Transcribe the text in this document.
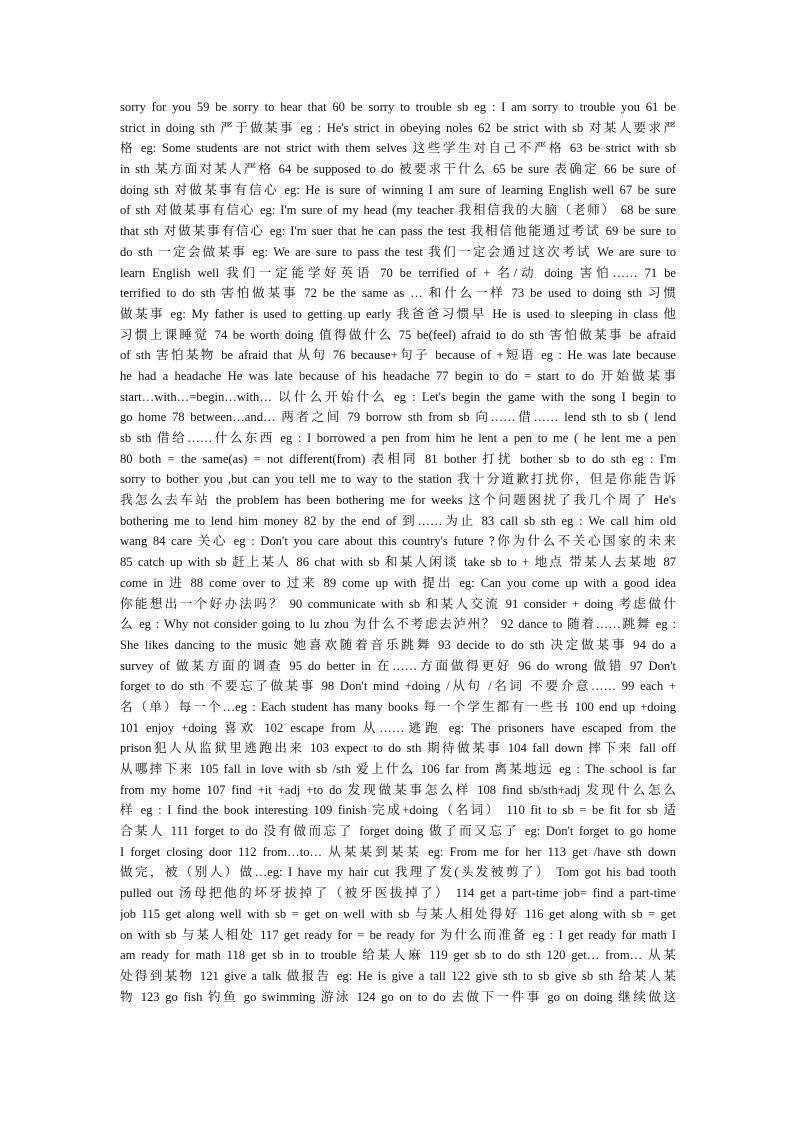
sorry for you 59 be sorry to hear that 60 be sorry to trouble sb eg : I am sorry to trouble you 61 be
strict in doing sth 严于做某事 eg : He's strict in obeying noles 62 be strict with sb 对某人要求严
格 eg: Some students are not strict with them selves 这些学生对自己不严格 63 be strict with sb
in sth 某方面对某人严格 64 be supposed to do 被要求干什么 65 be sure 表确定 66 be sure of
doing sth 对做某事有信心 eg: He is sure of winning I am sure of learning English well 67 be sure
of sth 对做某事有信心 eg: I'm sure of my head (my teacher 我相信我的大脑（老师） 68 be sure
that sth 对做某事有信心 eg: I'm suer that he can pass the test 我相信他能通过考试 69 be sure to
do sth 一定会做某事 eg: We are sure to pass the test 我们一定会通过这次考试 We are sure to
learn English well 我们一定能学好英语 70 be terrified of + 名/动 doing 害怕…… 71 be
terrified to do sth 害怕做某事 72 be the same as … 和什么一样 73 be used to doing sth 习惯
做某事 eg: My father is used to getting up early 我爸爸习惯早 He is used to sleeping in class 他
习惯上课睡觉 74 be worth doing 值得做什么 75 be(feel) afraid to do sth 害怕做某事 be afraid
of sth 害怕某物 be afraid that 从句 76 because+句子 because of +短语 eg : He was late because
he had a headache He was late because of his headache 77 begin to do = start to do 开始做某事
start…with…=begin…with… 以什么开始什么 eg : Let's begin the game with the song I begin to
go home 78 between…and… 两者之间 79 borrow sth from sb 向……借…… lend sth to sb ( lend
sb sth 借给……什么东西 eg : I borrowed a pen from him he lent a pen to me ( he lent me a pen
80 both = the same(as) = not different(from) 表相同 81 bother 打扰 bother sb to do sth eg : I'm
sorry to bother you ,but can you tell me to way to the station 我十分道歉打扰你，但是你能告诉
我怎么去车站 the problem has been bothering me for weeks 这个问题困扰了我几个周了 He's
bothering me to lend him money 82 by the end of 到……为止 83 call sb sth eg : We call him old
wang 84 care 关心 eg : Don't you care about this country's future ?你为什么不关心国家的未来
85 catch up with sb 赶上某人 86 chat with sb 和某人闲谈 take sb to + 地点 带某人去某地 87
come in 进 88 come over to 过来 89 come up with 提出 eg: Can you come up with a good idea
你能想出一个好办法吗？ 90 communicate with sb 和某人交流 91 consider + doing 考虑做什
么 eg : Why not consider going to lu zhou 为什么不考虑去泸州？ 92 dance to 随着……跳舞 eg :
She likes dancing to the music 她喜欢随着音乐跳舞 93 decide to do sth 决定做某事 94 do a
survey of 做某方面的调查 95 do better in 在……方面做得更好 96 do wrong 做错 97 Don't
forget to do sth 不要忘了做某事 98 Don't mind +doing /从句 /名词 不要介意…… 99 each +
名（单）每一个…eg : Each student has many books 每一个学生都有一些书 100 end up +doing
101 enjoy +doing 喜欢 102 escape from 从……逃跑 eg: The prisoners have escaped from the
prison犯人从监狱里逃跑出来 103 expect to do sth 期待做某事 104 fall down 摔下来 fall off
从哪摔下来 105 fall in love with sb /sth 爱上什么 106 far from 离某地远 eg : The school is far
from my home 107 find +it +adj +to do 发现做某事怎么样 108 find sb/sth+adj 发现什么怎么
样 eg : I find the book interesting 109 finish 完成+doing（名词） 110 fit to sb = be fit for sb 适
合某人 111 forget to do 没有做而忘了 forget doing 做了而又忘了 eg: Don't forget to go home
I forget closing door 112 from…to… 从某某到某某 eg: From me for her 113 get /have sth down
做完，被（别人）做…eg: I have my hair cut 我理了发(头发被剪了） Tom got his bad tooth
pulled out 汤母把他的坏牙拔掉了（被牙医拔掉了） 114 get a part-time job= find a part-time
job 115 get along well with sb = get on well with sb 与某人相处得好 116 get along with sb = get
on with sb 与某人相处 117 get ready for = be ready for 为什么而准备 eg : I get ready for math I
am ready for math 118 get sb in to trouble 给某人麻 119 get sb to do sth 120 get… from… 从某
处得到某物 121 give a talk 做报告 eg: He is give a tall 122 give sth to sb give sb sth 给某人某
物 123 go fish 钓鱼 go swimming 游泳 124 go on to do 去做下一件事 go on doing 继续做这
